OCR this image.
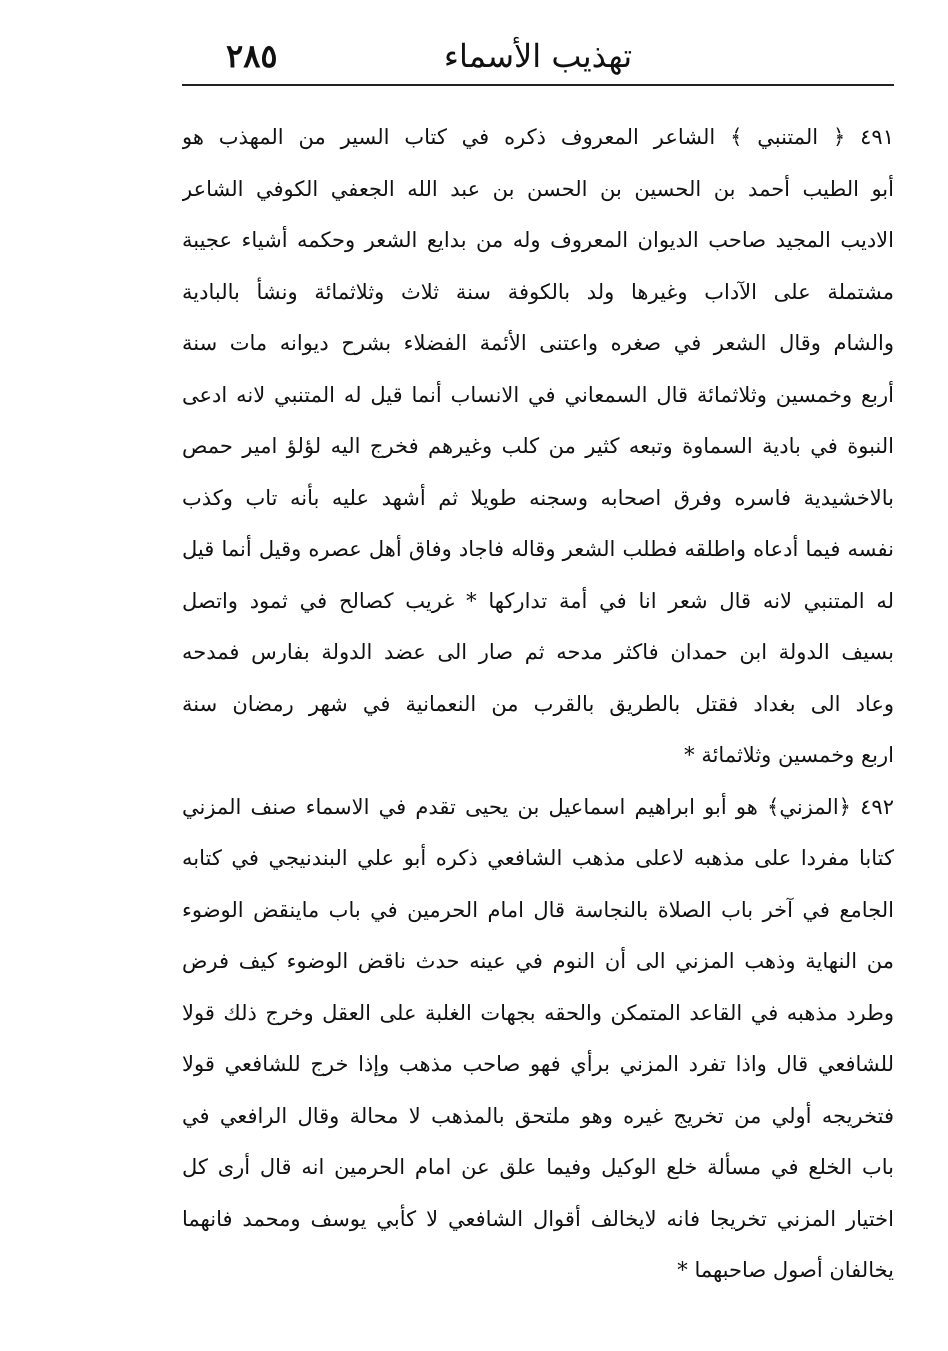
تهذيب الأسماء
٢٨٥
٤٩١ ﴿ المتنبي ﴾ الشاعر المعروف ذكره في كتاب السير من المهذب هو
أبو الطيب أحمد بن الحسين بن الحسن بن عبد الله الجعفي الكوفي الشاعر
الاديب المجيد صاحب الديوان المعروف وله من بدايع الشعر وحكمه أشياء عجيبة
مشتملة على الآداب وغيرها ولد بالكوفة سنة ثلاث وثلاثمائة ونشأ بالبادية
والشام وقال الشعر في صغره واعتنى الأئمة الفضلاء بشرح ديوانه مات سنة
أربع وخمسين وثلاثمائة قال السمعاني في الانساب أنما قيل له المتنبي لانه ادعى
النبوة في بادية السماوة وتبعه كثير من كلب وغيرهم فخرج اليه لؤلؤ امير حمص
بالاخشيدية فاسره وفرق اصحابه وسجنه طويلا ثم أشهد عليه بأنه تاب وكذب
نفسه فيما أدعاه واطلقه فطلب الشعر وقاله فاجاد وفاق أهل عصره وقيل أنما قيل
له المتنبي لانه قال شعر انا في أمة تداركها * غريب كصالح في ثمود واتصل
بسيف الدولة ابن حمدان فاكثر مدحه ثم صار الى عضد الدولة بفارس فمدحه
وعاد الى بغداد فقتل بالطريق بالقرب من النعمانية في شهر رمضان سنة
اربع وخمسين وثلاثمائة *
٤٩٢ ﴿المزني﴾ هو أبو ابراهيم اسماعيل بن يحيى تقدم في الاسماء صنف المزني
كتابا مفردا على مذهبه لاعلى مذهب الشافعي ذكره أبو علي البندنيجي في كتابه
الجامع في آخر باب الصلاة بالنجاسة قال امام الحرمين في باب ماينقض الوضوء
من النهاية وذهب المزني الى أن النوم في عينه حدث ناقض الوضوء كيف فرض
وطرد مذهبه في القاعد المتمكن والحقه بجهات الغلبة على العقل وخرج ذلك قولا
للشافعي قال واذا تفرد المزني برأي فهو صاحب مذهب وإذا خرج للشافعي قولا
فتخريجه أولي من تخريج غيره وهو ملتحق بالمذهب لا محالة وقال الرافعي في
باب الخلع في مسألة خلع الوكيل وفيما علق عن امام الحرمين انه قال أرى كل
اختيار المزني تخريجا فانه لايخالف أقوال الشافعي لا كأبي يوسف ومحمد فانهما
يخالفان أصول صاحبهما *
